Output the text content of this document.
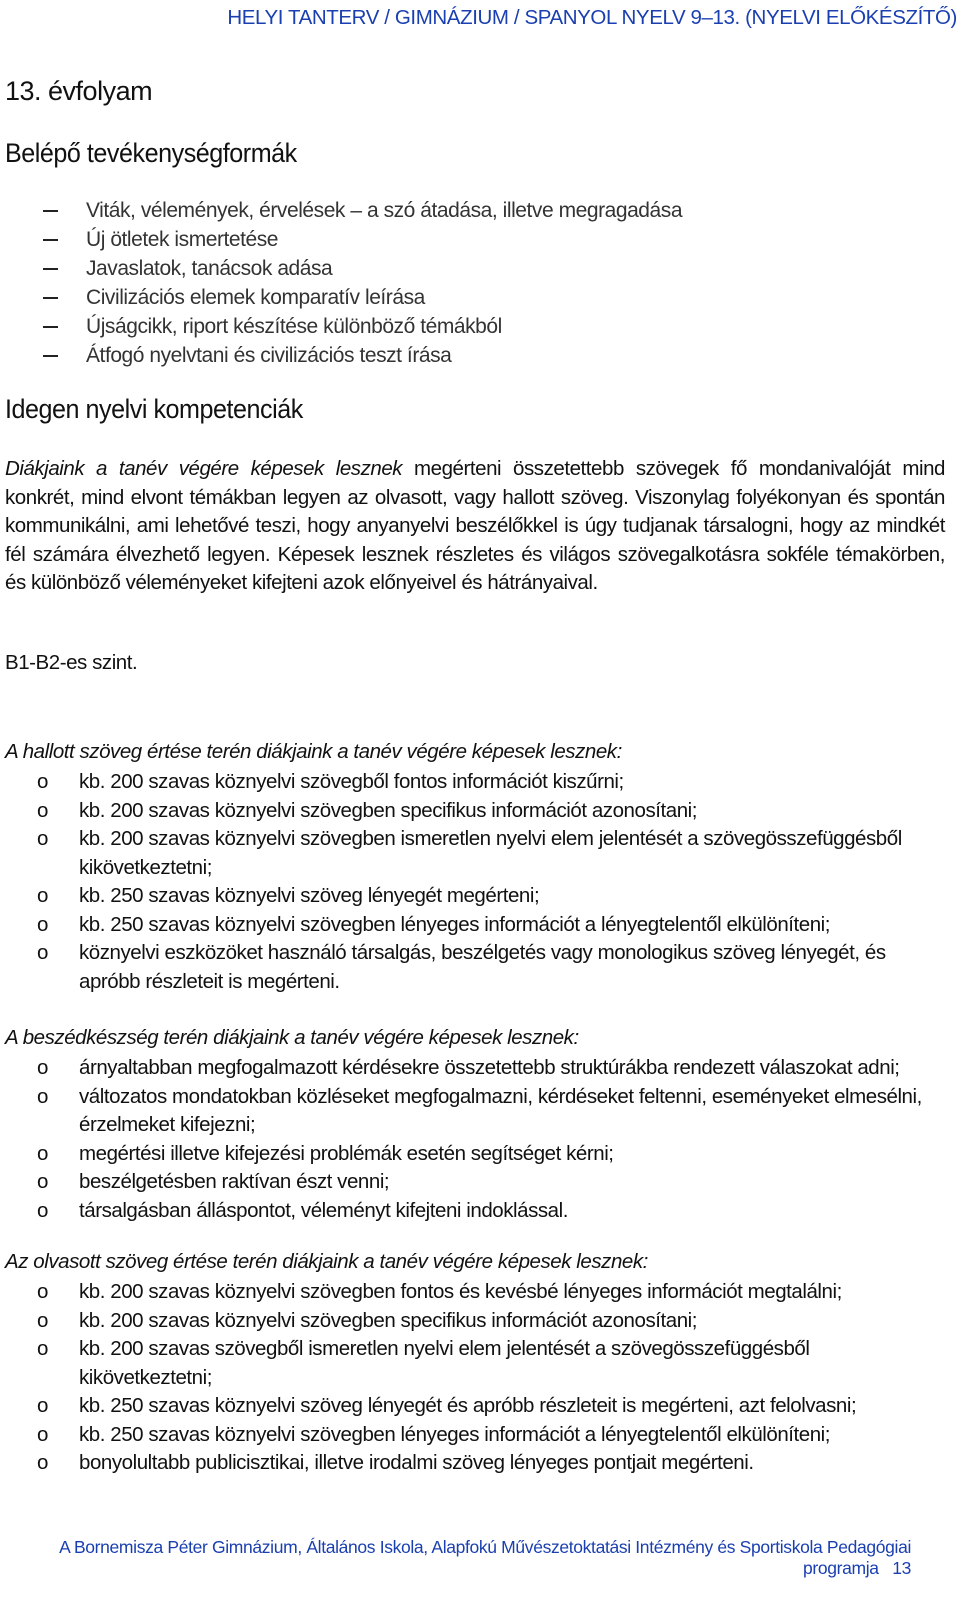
HELYI TANTERV / GIMNÁZIUM / SPANYOL NYELV 9–13. (NYELVI ELŐKÉSZÍTŐ)
13. évfolyam
Belépő tevékenységformák
Viták, vélemények, érvelések – a szó átadása, illetve megragadása
Új ötletek ismertetése
Javaslatok, tanácsok adása
Civilizációs elemek komparatív leírása
Újságcikk, riport készítése különböző témákból
Átfogó nyelvtani és civilizációs teszt írása
Idegen nyelvi kompetenciák

Diákjaink a tanév végére képesek lesznek megérteni összetettebb szövegek fő mondanivalóját mind konkrét, mind elvont témákban legyen az olvasott, vagy hallott szöveg. Viszonylag folyékonyan és spontán kommunikálni, ami lehetővé teszi, hogy anyanyelvi beszélőkkel is úgy tudjanak társalogni, hogy az mindkét fél számára élvezhető legyen. Képesek lesznek részletes és világos szövegalkotásra sokféle témakörben, és különböző véleményeket kifejteni azok előnyeivel és hátrányaival.

B1-B2-es szint.

A hallott szöveg értése terén diákjaink a tanév végére képesek lesznek:

o kb. 200 szavas köznyelvi szövegből fontos információt kiszűrni;
o kb. 200 szavas köznyelvi szövegben specifikus információt azonosítani;
o kb. 200 szavas köznyelvi szövegben ismeretlen nyelvi elem jelentését a szövegösszefüggésből kikövetkeztetni;
o kb. 250 szavas köznyelvi szöveg lényegét megérteni;
o kb. 250 szavas köznyelvi szövegben lényeges információt a lényegtelentől elkülöníteni;
o köznyelvi eszközöket használó társalgás, beszélgetés vagy monologikus szöveg lényegét, és apróbb részleteit is megérteni.

A beszédkészség terén diákjaink a tanév végére képesek lesznek:

o árnyaltabban megfogalmazott kérdésekre összetettebb struktúrákba rendezett válaszokat adni;
o változatos mondatokban közléseket megfogalmazni, kérdéseket feltenni, eseményeket elmesélni, érzelmeket kifejezni;
o megértési illetve kifejezési problémák esetén segítséget kérni;
o beszélgetésben raktívan észt venni;
o társalgásban álláspontot, véleményt kifejteni indoklással.

Az olvasott szöveg értése terén diákjaink a tanév végére képesek lesznek:

o kb. 200 szavas köznyelvi szövegben fontos és kevésbé lényeges információt megtalálni;
o kb. 200 szavas köznyelvi szövegben specifikus információt azonosítani;
o kb. 200 szavas szövegből ismeretlen nyelvi elem jelentését a szövegösszefüggésből kikövetkeztetni;
o kb. 250 szavas köznyelvi szöveg lényegét és apróbb részleteit is megérteni, azt felolvasni;
o kb. 250 szavas köznyelvi szövegben lényeges információt a lényegtelentől elkülöníteni;
o bonyolultabb publicisztikai, illetve irodalmi szöveg lényeges pontjait megérteni.
A Bornemisza Péter Gimnázium, Általános Iskola, Alapfokú Művészetoktatási Intézmény és Sportiskola Pedagógiai programja 13
